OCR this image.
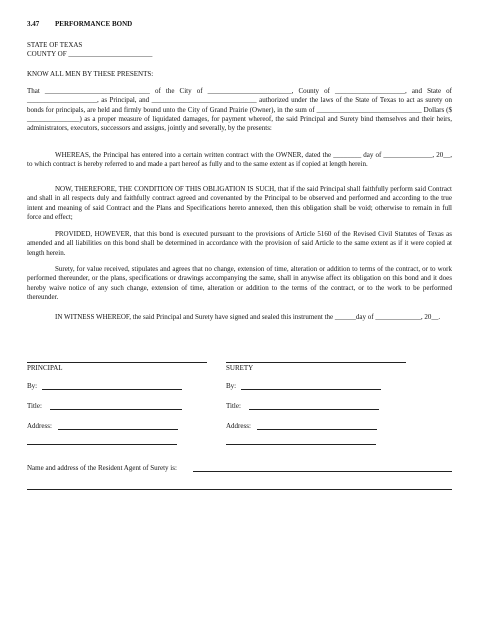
3.47 PERFORMANCE BOND
STATE OF TEXAS
COUNTY OF ________________________
KNOW ALL MEN BY THESE PRESENTS:
That ______________________________ of the City of ________________________, County of ____________________, and State of ____________________, as Principal, and ______________________________ authorized under the laws of the State of Texas to act as surety on bonds for principals, are held and firmly bound unto the City of Grand Prairie (Owner), in the sum of ______________________________ Dollars ($ _______________) as a proper measure of liquidated damages, for payment whereof, the said Principal and Surety bind themselves and their heirs, administrators, executors, successors and assigns, jointly and severally, by the presents:
WHEREAS, the Principal has entered into a certain written contract with the OWNER, dated the ________ day of ______________, 20__, to which contract is hereby referred to and made a part hereof as fully and to the same extent as if copied at length herein.
NOW, THEREFORE, THE CONDITION OF THIS OBLIGATION IS SUCH, that if the said Principal shall faithfully perform said Contract and shall in all respects duly and faithfully contract agreed and covenanted by the Principal to be observed and performed and according to the true intent and meaning of said Contract and the Plans and Specifications hereto annexed, then this obligation shall be void; otherwise to remain in full force and effect;
PROVIDED, HOWEVER, that this bond is executed pursuant to the provisions of Article 5160 of the Revised Civil Statutes of Texas as amended and all liabilities on this bond shall be determined in accordance with the provision of said Article to the same extent as if it were copied at length herein.
Surety, for value received, stipulates and agrees that no change, extension of time, alteration or addition to terms of the contract, or to work performed thereunder, or the plans, specifications or drawings accompanying the same, shall in anywise affect its obligation on this bond and it does hereby waive notice of any such change, extension of time, alteration or addition to the terms of the contract, or to the work to be performed thereunder.
IN WITNESS WHEREOF, the said Principal and Surety have signed and sealed this instrument the ______day of _____________, 20__.
PRINCIPAL
By:
Title:
Address:
SURETY
By:
Title:
Address:
Name and address of the Resident Agent of Surety is:
